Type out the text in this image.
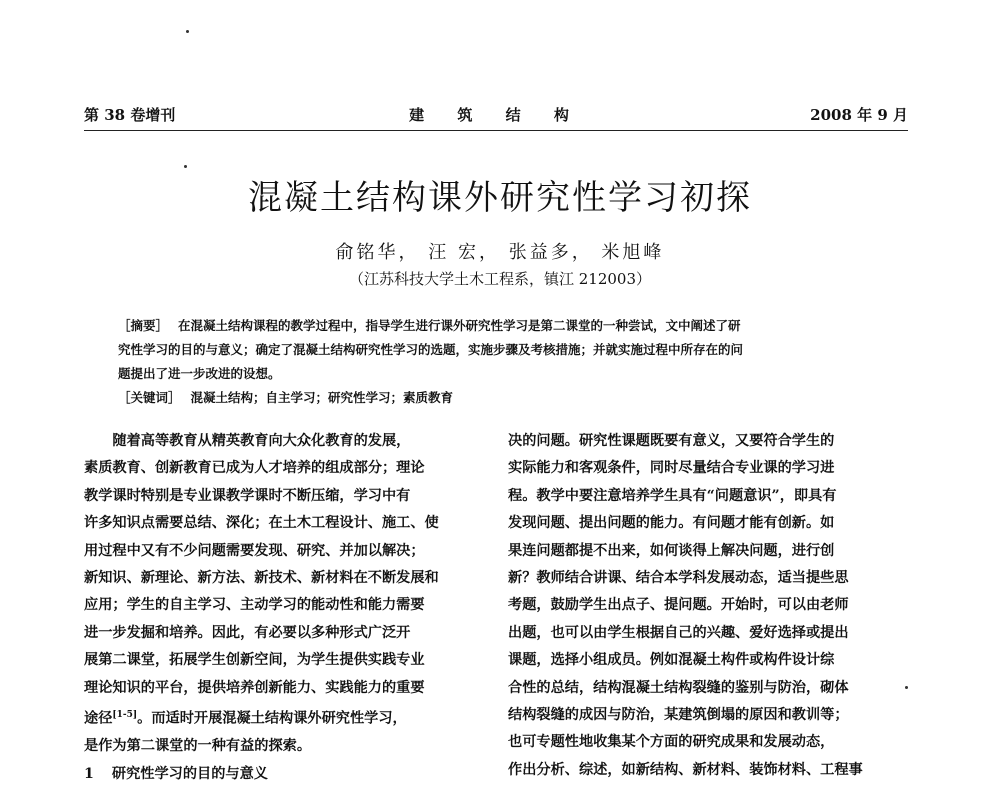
第 38 卷增刊	建 筑 结 构	2008 年 9 月
混凝土结构课外研究性学习初探
俞铭华， 汪 宏， 张益多， 米旭峰
（江苏科技大学土木工程系，镇江 212003）

［摘要］ 在混凝土结构课程的教学过程中，指导学生进行课外研究性学习是第二课堂的一种尝试，文中阐述了研

究性学习的目的与意义；确定了混凝土结构研究性学习的选题，实施步骤及考核措施；并就实施过程中所存在的问

题提出了进一步改进的设想。

［关键词］ 混凝土结构；自主学习；研究性学习；素质教育

随着高等教育从精英教育向大众化教育的发展，

素质教育、创新教育已成为人才培养的组成部分；理论

教学课时特别是专业课教学课时不断压缩，学习中有

许多知识点需要总结、深化；在土木工程设计、施工、使

用过程中又有不少问题需要发现、研究、并加以解决；

新知识、新理论、新方法、新技术、新材料在不断发展和

应用；学生的自主学习、主动学习的能动性和能力需要

进一步发掘和培养。因此，有必要以多种形式广泛开

展第二课堂，拓展学生创新空间，为学生提供实践专业

理论知识的平台，提供培养创新能力、实践能力的重要

途径[1-5]。而适时开展混凝土结构课外研究性学习，

是作为第二课堂的一种有益的探索。

1 研究性学习的目的与意义

决的问题。研究性课题既要有意义，又要符合学生的

实际能力和客观条件，同时尽量结合专业课的学习进

程。教学中要注意培养学生具有“问题意识”，即具有

发现问题、提出问题的能力。有问题才能有创新。如

果连问题都提不出来，如何谈得上解决问题，进行创

新？教师结合讲课、结合本学科发展动态，适当提些思

考题，鼓励学生出点子、提问题。开始时，可以由老师

出题，也可以由学生根据自己的兴趣、爱好选择或提出

课题，选择小组成员。例如混凝土构件或构件设计综

合性的总结，结构混凝土结构裂缝的鉴别与防治，砌体

结构裂缝的成因与防治，某建筑倒塌的原因和教训等；

也可专题性地收集某个方面的研究成果和发展动态，

作出分析、综述，如新结构、新材料、装饰材料、工程事
